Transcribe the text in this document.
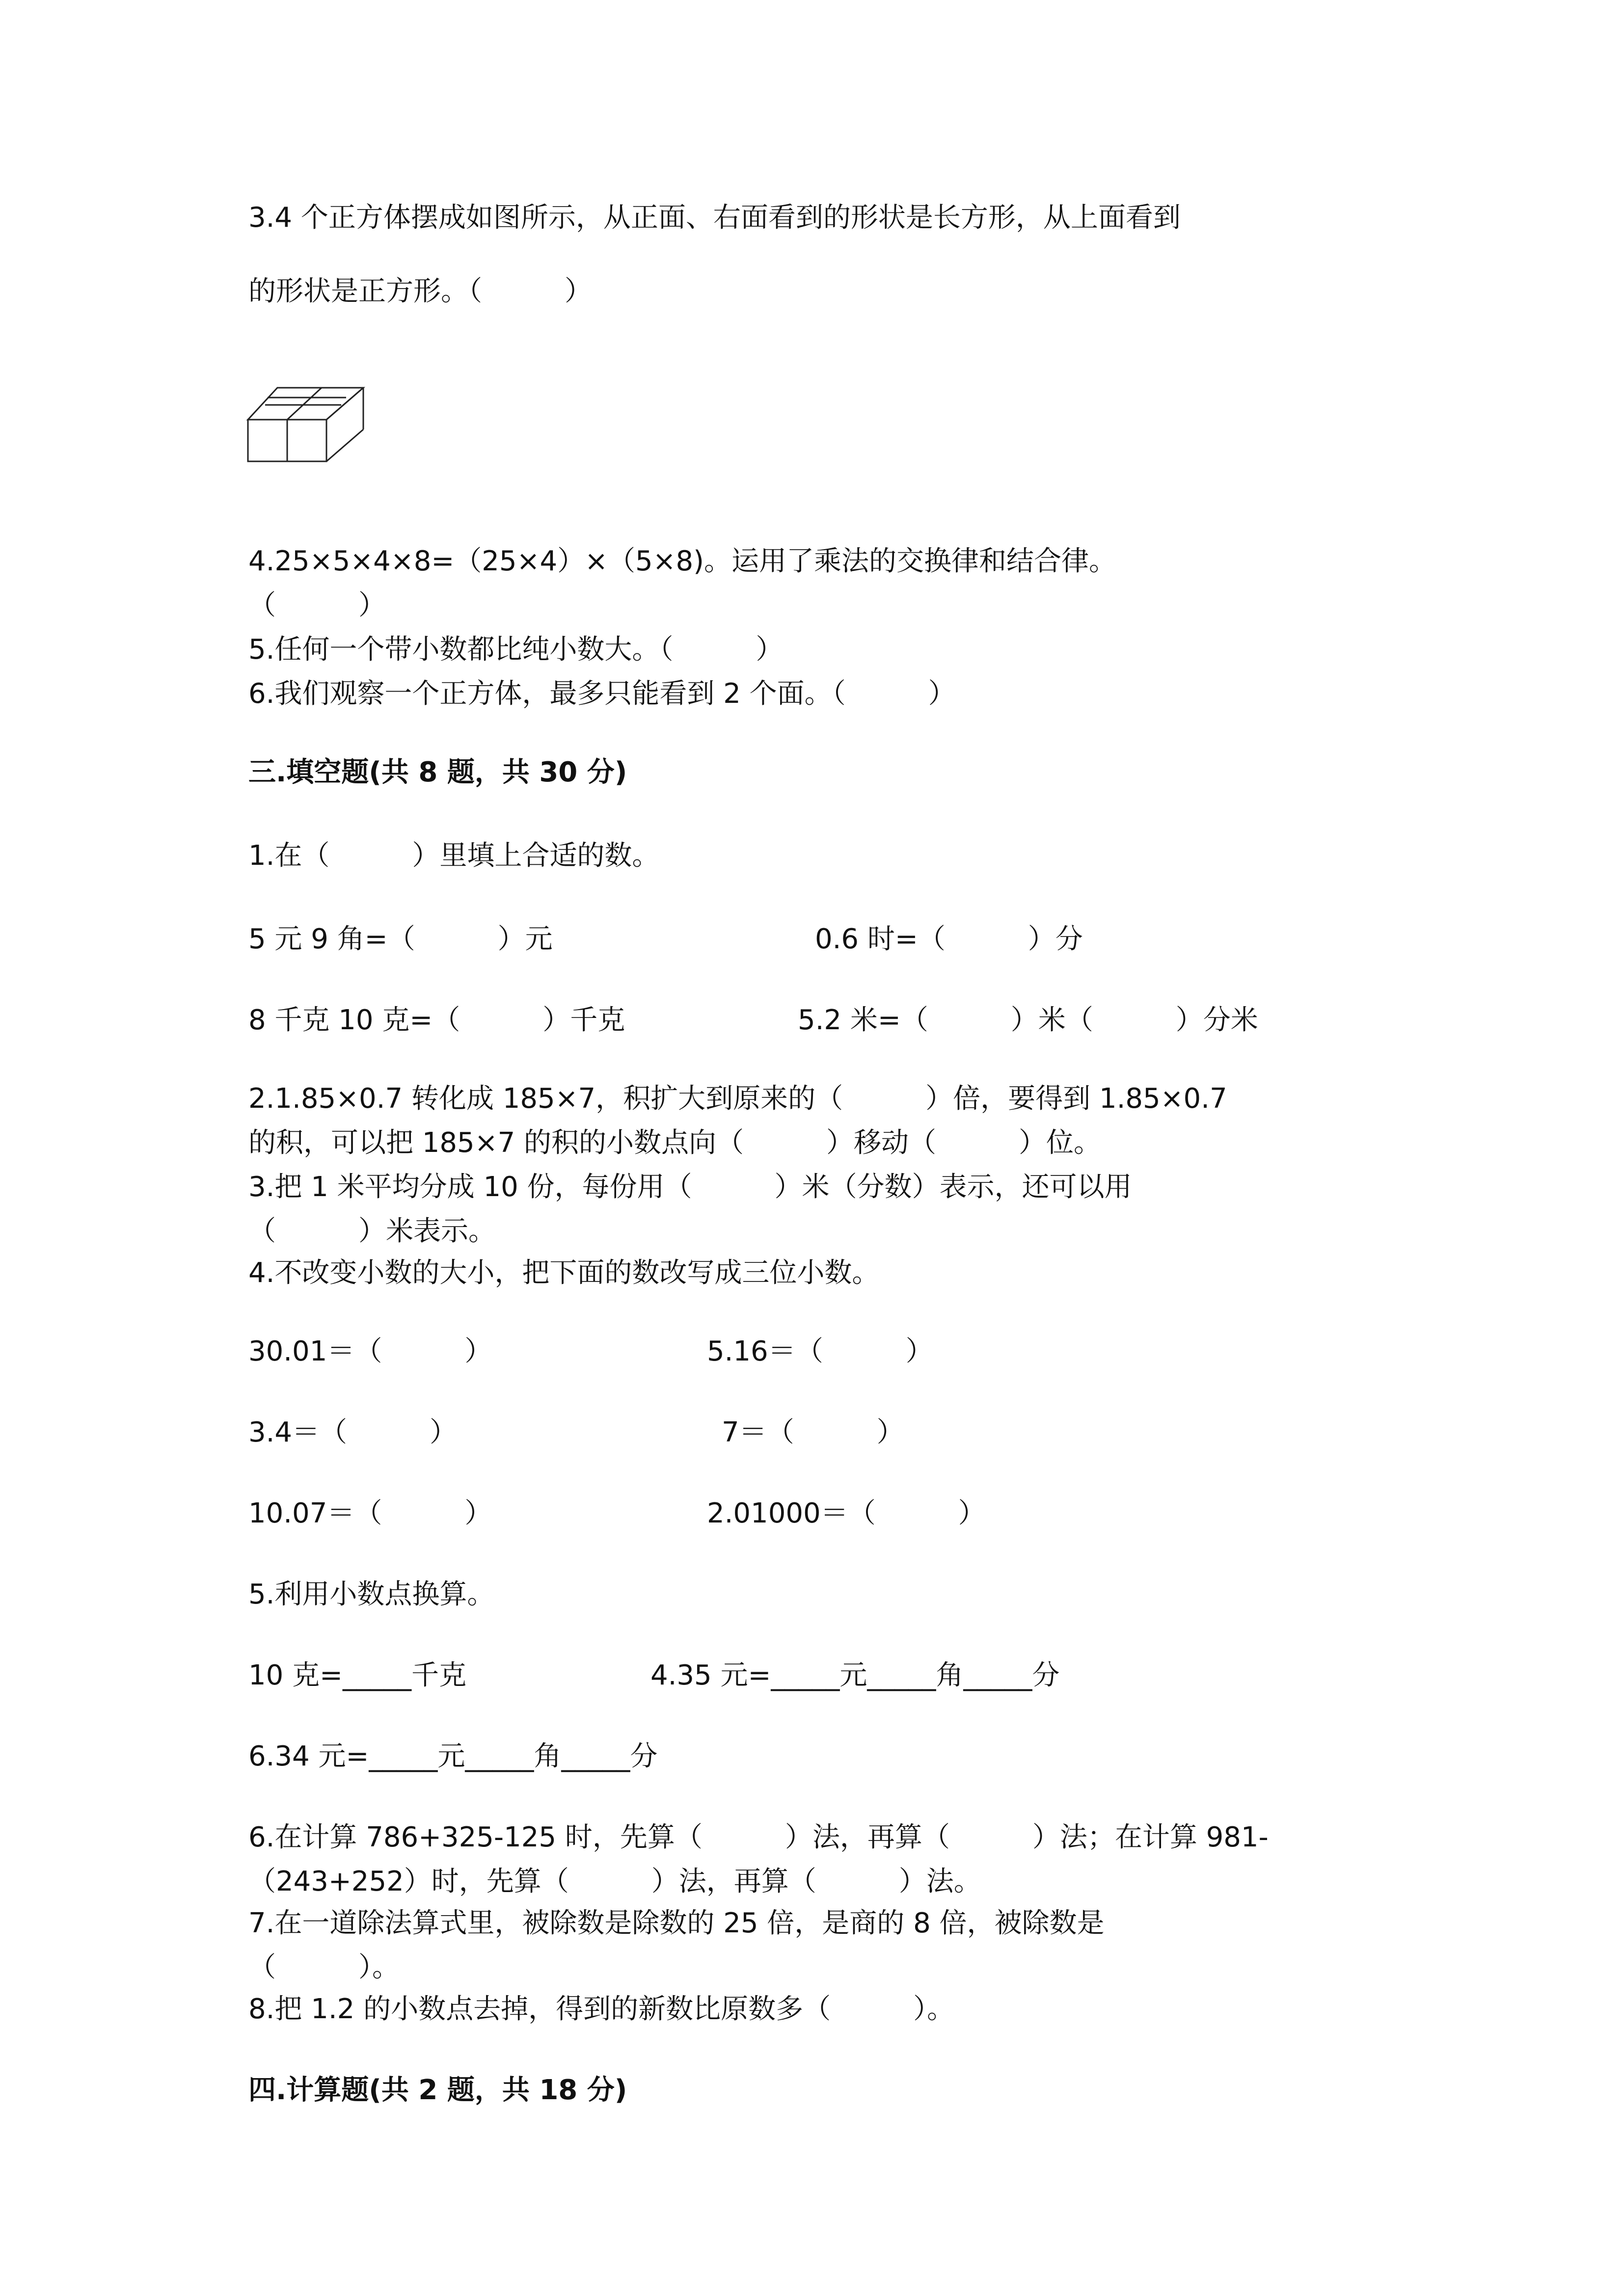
3.4 个正方体摆成如图所示，从正面、右面看到的形状是长方形，从上面看到
的形状是正方形。（　　　）
4.25×5×4×8=（25×4）×（5×8)。运用了乘法的交换律和结合律。
（　　　）
5.任何一个带小数都比纯小数大。（　　　）
6.我们观察一个正方体，最多只能看到 2 个面。（　　　）
三.填空题(共 8 题，共 30 分)
1.在（　　　）里填上合适的数。
5 元 9 角=（　　　）元	0.6 时=（　　　）分
8 千克 10 克=（　　　）千克	5.2 米=（　　　）米（　　　）分米
2.1.85×0.7 转化成 185×7，积扩大到原来的（　　　）倍，要得到 1.85×0.7
的积，可以把 185×7 的积的小数点向（　　　）移动（　　　）位。
3.把 1 米平均分成 10 份，每份用（　　　）米（分数）表示，还可以用
（　　　）米表示。
4.不改变小数的大小，把下面的数改写成三位小数。
30.01＝（　　　）	5.16＝（　　　）
3.4＝（　　　）	7＝（　　　）
10.07＝（　　　）	2.01000＝（　　　）
5.利用小数点换算。
10 克=_____千克	4.35 元=_____元_____角_____分
6.34 元=_____元_____角_____分
6.在计算 786+325-125 时，先算（　　　）法，再算（　　　）法；在计算 981-
（243+252）时，先算（　　　）法，再算（　　　）法。
7.在一道除法算式里，被除数是除数的 25 倍，是商的 8 倍，被除数是
（　　　）。
8.把 1.2 的小数点去掉，得到的新数比原数多（　　　）。
四.计算题(共 2 题，共 18 分)
